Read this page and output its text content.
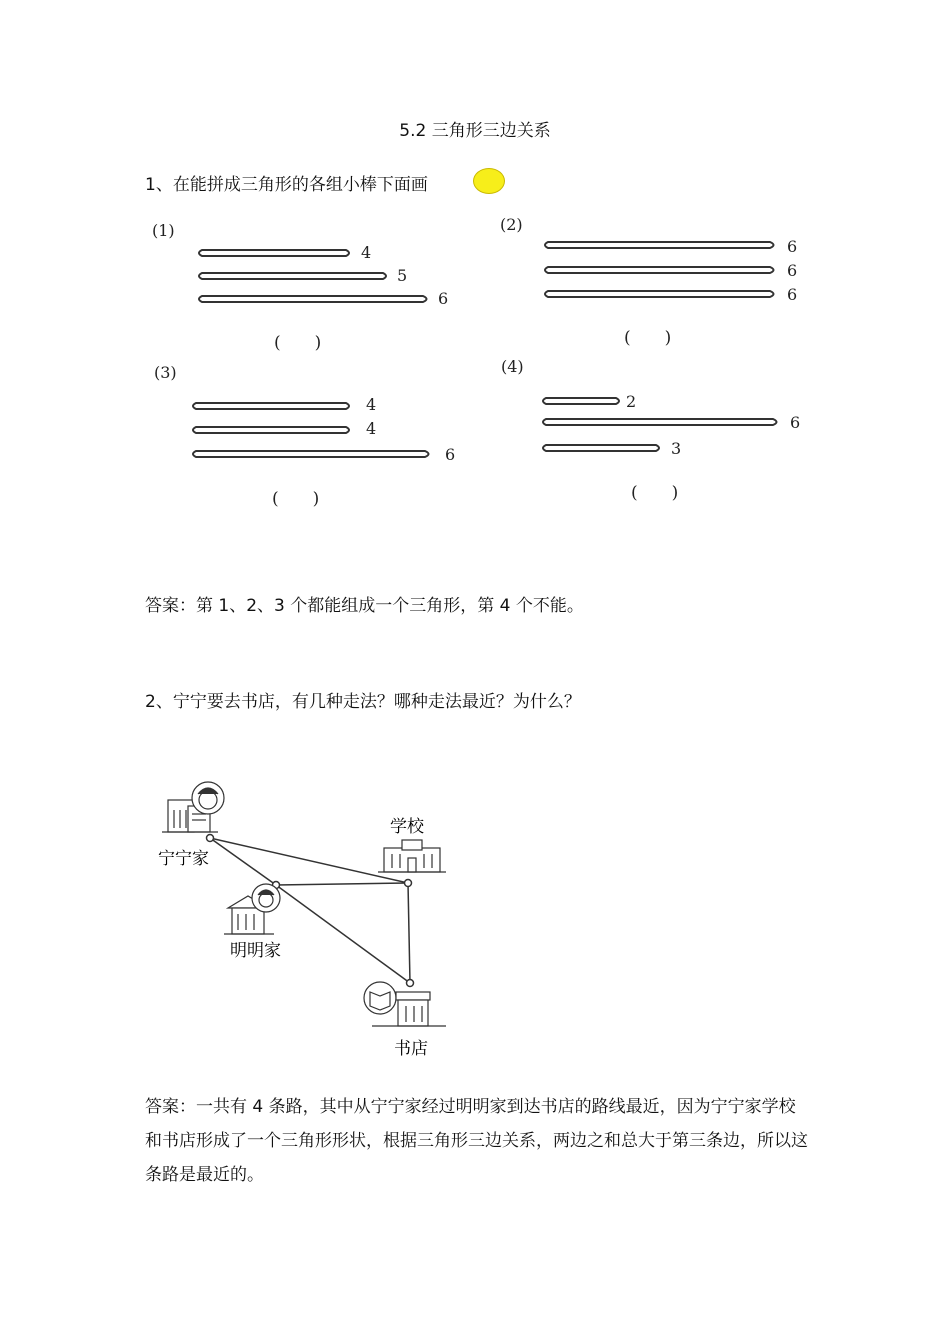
5.2 三角形三边关系
1、在能拼成三角形的各组小棒下面画
(1)
4
5
6
(　　)
(2)
6
6
6
(　　)
(3)
4
4
6
(　　)
(4)
2
6
3
(　　)
答案：第 1、2、3 个都能组成一个三角形，第 4 个不能。
2、宁宁要去书店，有几种走法？哪种走法最近？为什么？
宁宁家
学校
明明家
书店
答案：一共有 4 条路，其中从宁宁家经过明明家到达书店的路线最近，因为宁宁家学校和书店形成了一个三角形形状，根据三角形三边关系，两边之和总大于第三条边，所以这条路是最近的。
